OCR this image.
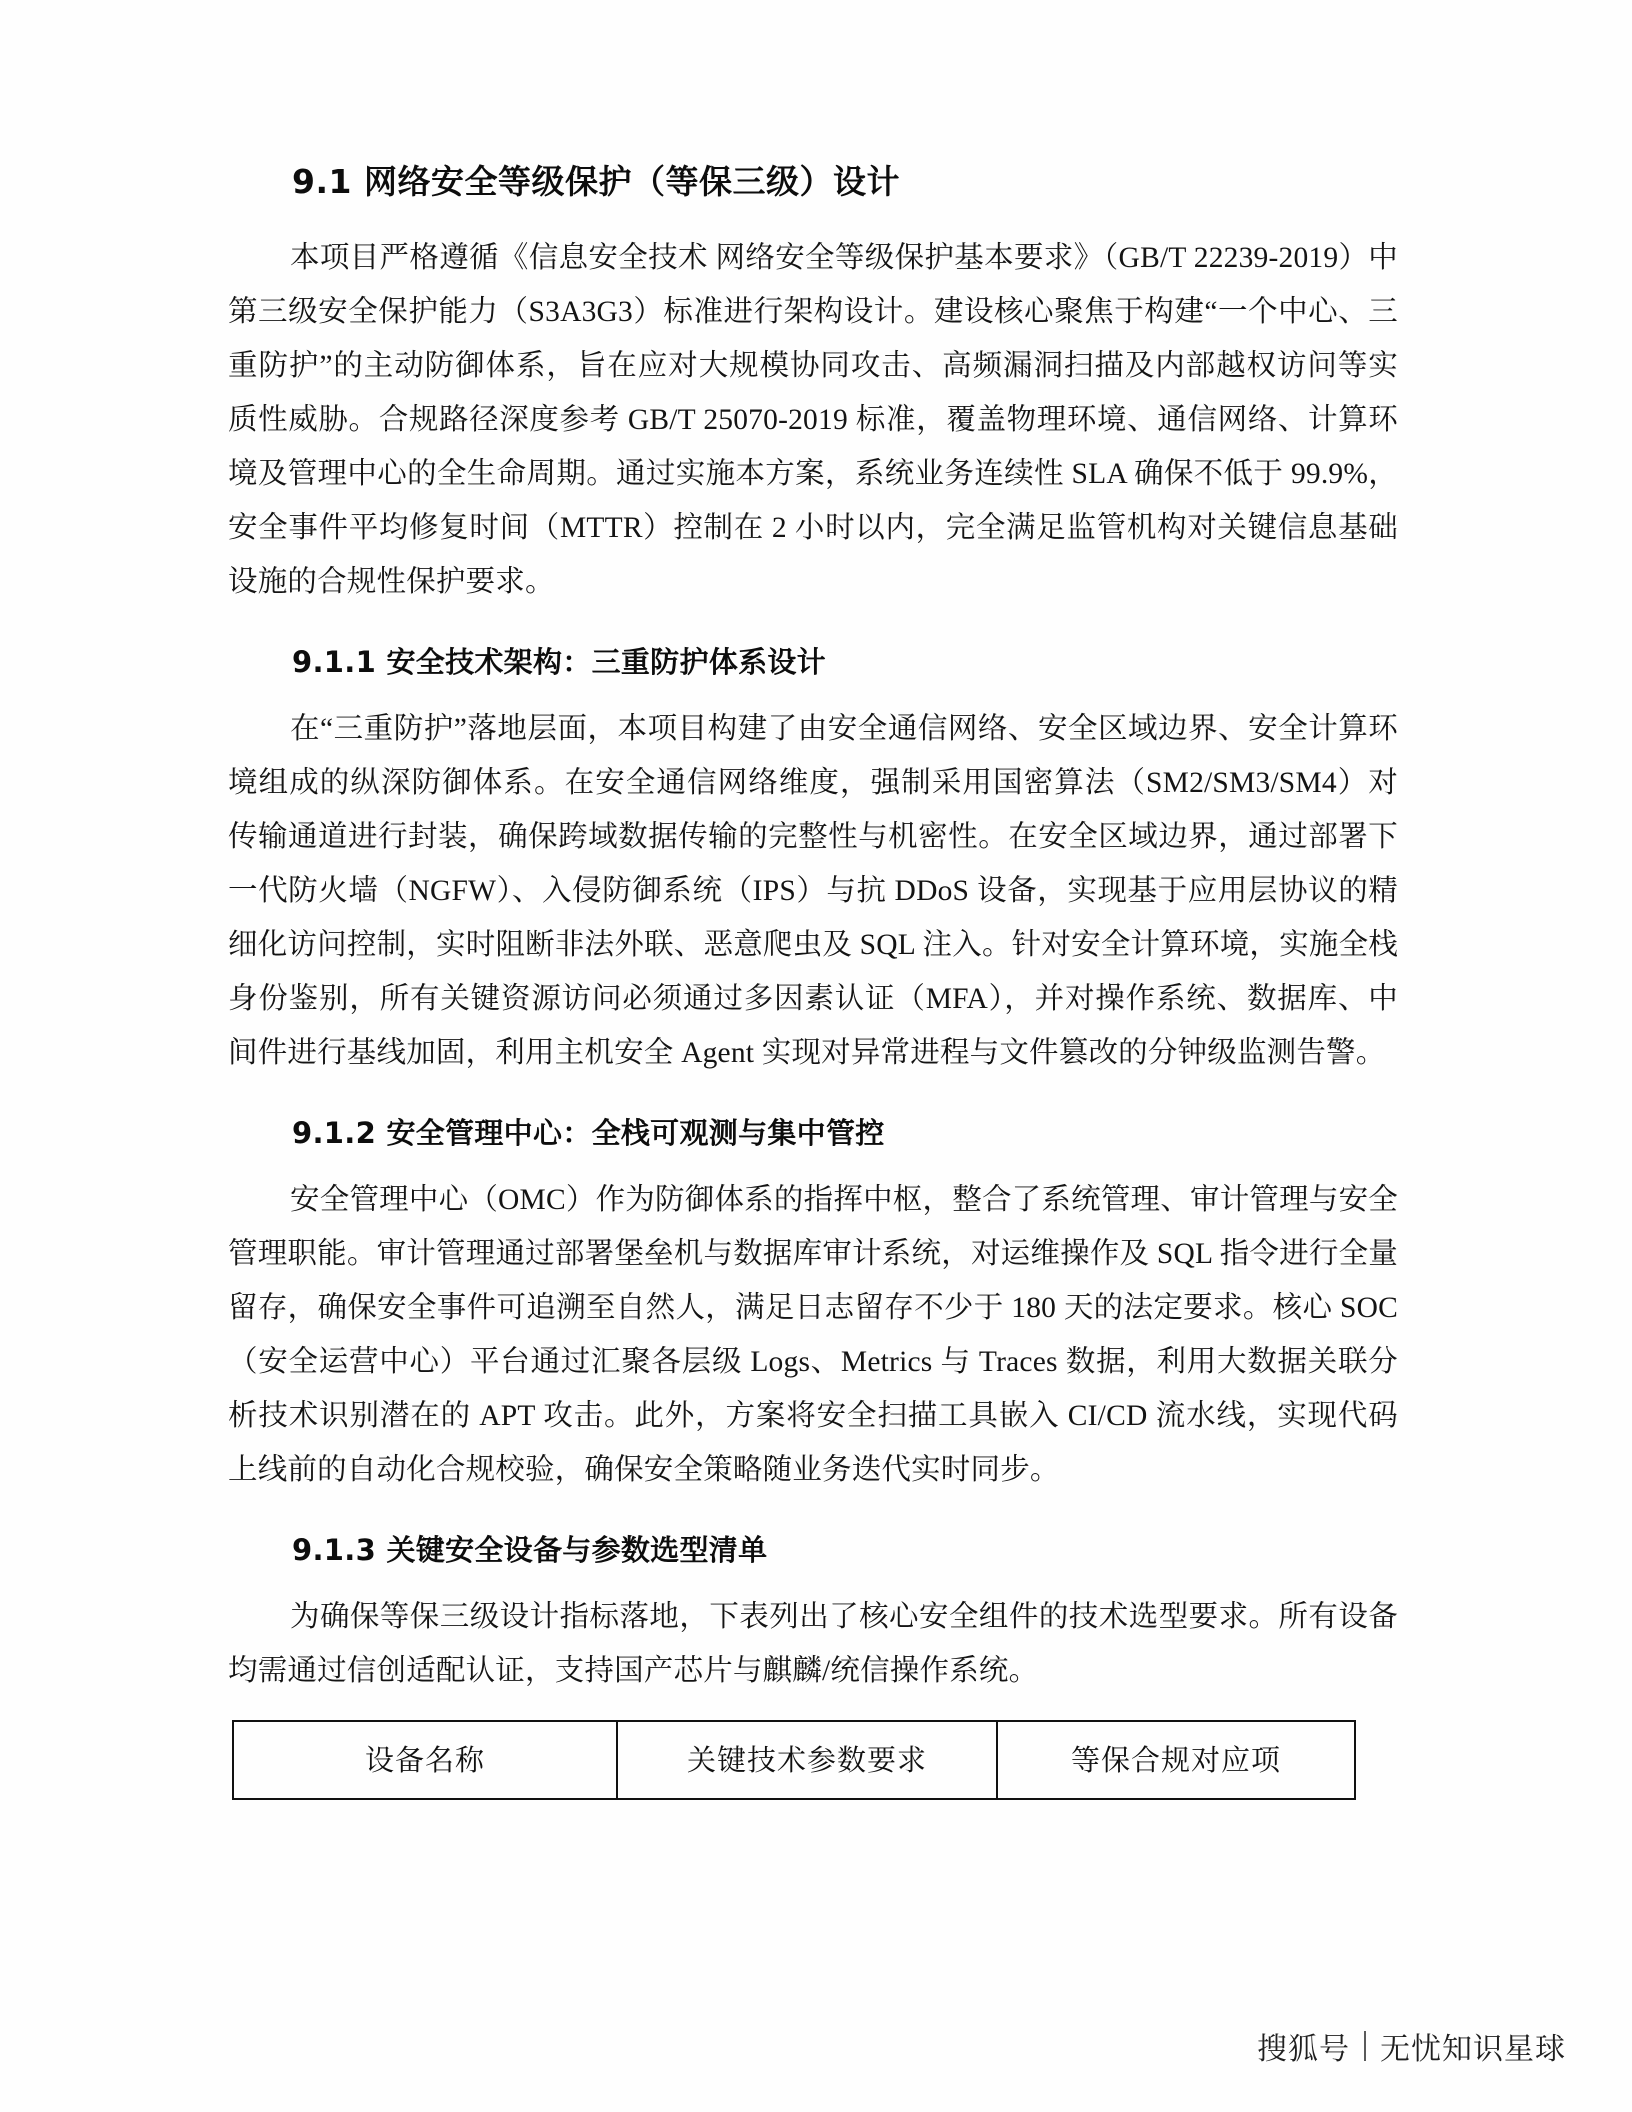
9.1 网络安全等级保护（等保三级）设计

本项目严格遵循《信息安全技术 网络安全等级保护基本要求》（GB/T 22239-2019）中第三级安全保护能力（S3A3G3）标准进行架构设计。建设核心聚焦于构建“一个中心、三重防护”的主动防御体系，旨在应对大规模协同攻击、高频漏洞扫描及内部越权访问等实质性威胁。合规路径深度参考 GB/T 25070-2019 标准，覆盖物理环境、通信网络、计算环境及管理中心的全生命周期。通过实施本方案，系统业务连续性 SLA 确保不低于 99.9%，安全事件平均修复时间（MTTR）控制在 2 小时以内，完全满足监管机构对关键信息基础设施的合规性保护要求。

9.1.1 安全技术架构：三重防护体系设计

在“三重防护”落地层面，本项目构建了由安全通信网络、安全区域边界、安全计算环境组成的纵深防御体系。在安全通信网络维度，强制采用国密算法（SM2/SM3/SM4）对传输通道进行封装，确保跨域数据传输的完整性与机密性。在安全区域边界，通过部署下一代防火墙（NGFW）、入侵防御系统（IPS）与抗 DDoS 设备，实现基于应用层协议的精细化访问控制，实时阻断非法外联、恶意爬虫及 SQL 注入。针对安全计算环境，实施全栈身份鉴别，所有关键资源访问必须通过多因素认证（MFA），并对操作系统、数据库、中间件进行基线加固，利用主机安全 Agent 实现对异常进程与文件篡改的分钟级监测告警。

9.1.2 安全管理中心：全栈可观测与集中管控

安全管理中心（OMC）作为防御体系的指挥中枢，整合了系统管理、审计管理与安全管理职能。审计管理通过部署堡垒机与数据库审计系统，对运维操作及 SQL 指令进行全量留存，确保安全事件可追溯至自然人，满足日志留存不少于 180 天的法定要求。核心 SOC（安全运营中心）平台通过汇聚各层级 Logs、Metrics 与 Traces 数据，利用大数据关联分析技术识别潜在的 APT 攻击。此外，方案将安全扫描工具嵌入 CI/CD 流水线，实现代码上线前的自动化合规校验，确保安全策略随业务迭代实时同步。

9.1.3 关键安全设备与参数选型清单

为确保等保三级设计指标落地，下表列出了核心安全组件的技术选型要求。所有设备均需通过信创适配认证，支持国产芯片与麒麟/统信操作系统。

设备名称	关键技术参数要求	等保合规对应项
搜狐号 无忧知识星球
